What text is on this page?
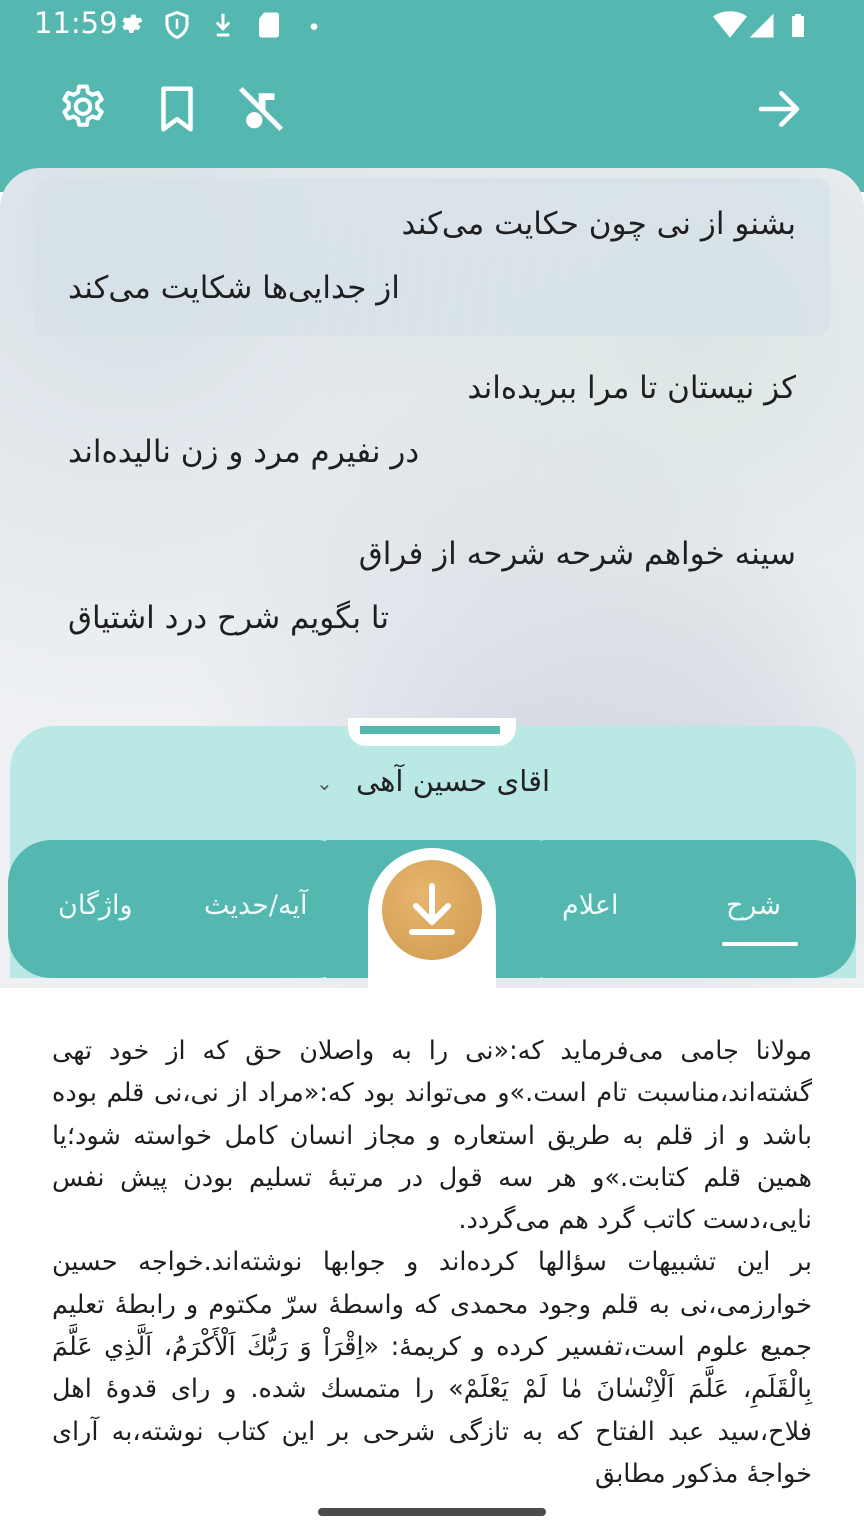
11:59
بشنو از نی چون حکایت می‌کند
از جدایی‌ها شکایت می‌کند
کز نیستان تا مرا ببریده‌اند
در نفیرم مرد و زن نالیده‌اند
سینه خواهم شرحه شرحه از فراق
تا بگویم شرح درد اشتیاق
اقای حسین آهی ⌄
شرح
اعلام
آیه/حدیث
واژگان

مولانا جامی می‌فرماید که:«نی را به واصلان حق که از خود تهی گشته‌اند،مناسبت تام است.»و می‌تواند بود که:«مراد از نی،نی قلم بوده باشد و از قلم به طریق استعاره و مجاز انسان کامل خواسته شود؛یا همین قلم کتابت.»و هر سه قول در مرتبۀ تسلیم بودن پیش نفس نایی،دست کاتب گرد هم می‌گردد.

بر این تشبیهات سؤالها کرده‌اند و جوابها نوشته‌اند.خواجه حسین خوارزمی،نی به قلم وجود محمدی که واسطۀ سرّ مکتوم و رابطۀ تعلیم جمیع علوم است،تفسیر کرده و کریمۀ: «اِقْرَاْ وَ رَبُّكَ اَلْأَكْرَمُ، اَلَّذِي عَلَّمَ بِالْقَلَمِ، عَلَّمَ اَلْاِنْسٰانَ مٰا لَمْ يَعْلَمْ» را متمسك شده. و رای قدوۀ اهل فلاح،سید عبد الفتاح که به تازگی شرحی بر این کتاب نوشته،به آرای خواجۀ مذکور مطابق
